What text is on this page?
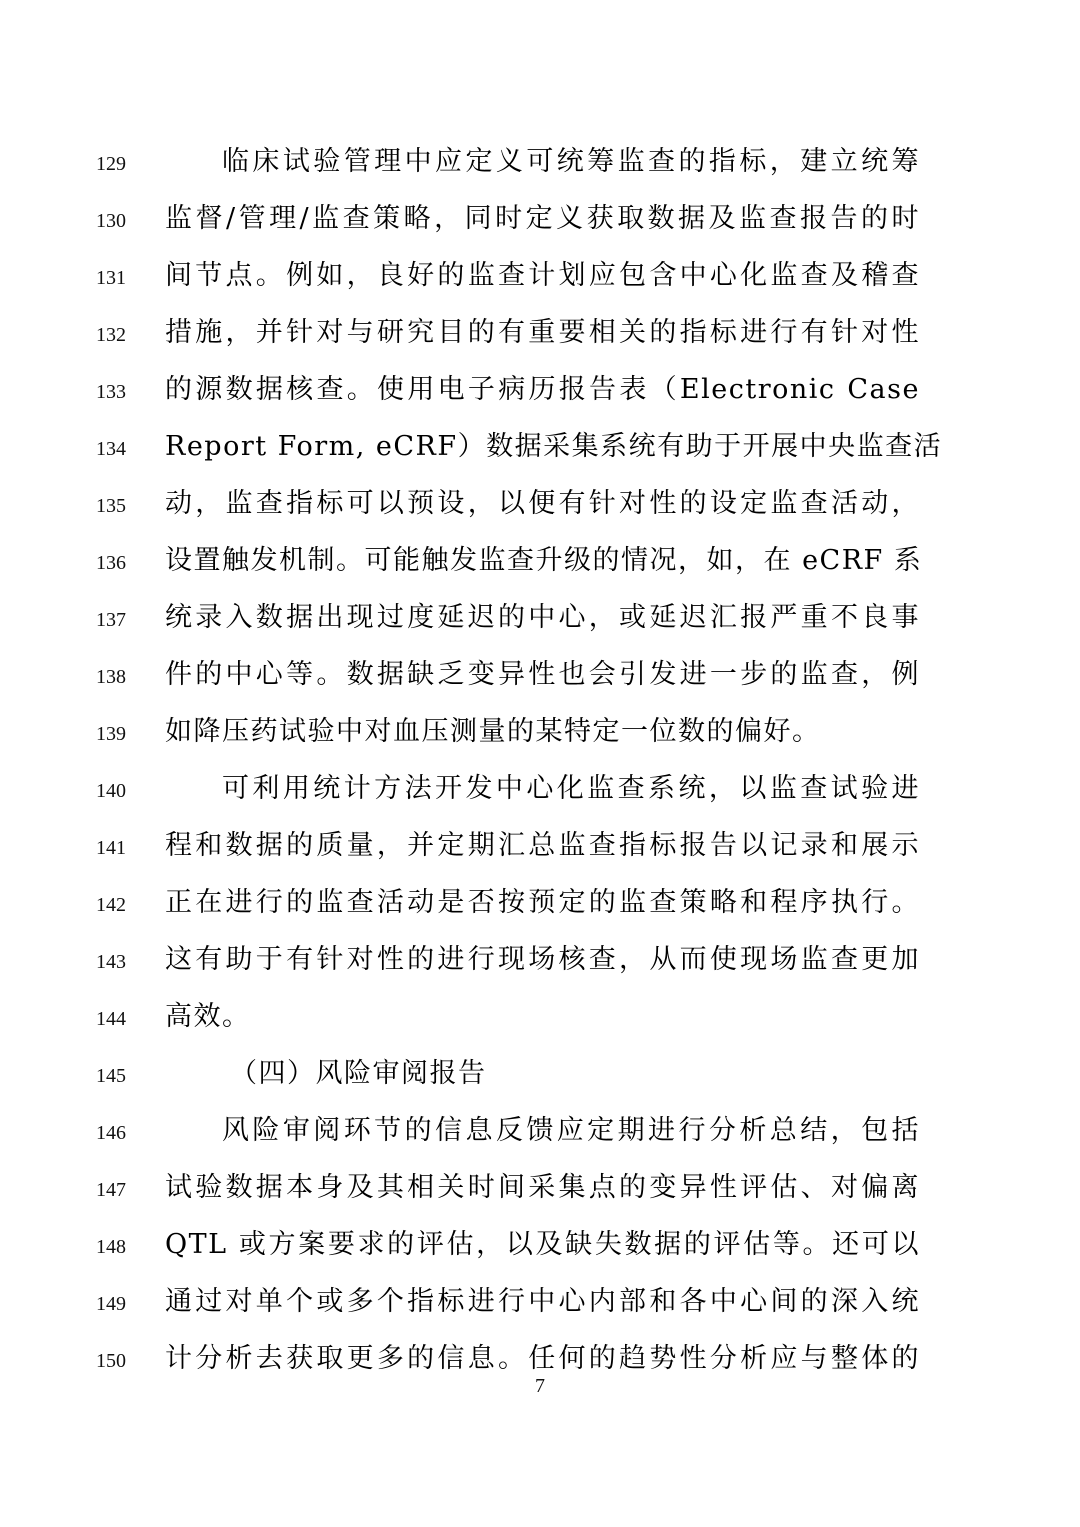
129	临床试验管理中应定义可统筹监查的指标，建立统筹
130	监督/管理/监查策略，同时定义获取数据及监查报告的时
131	间节点。例如，良好的监查计划应包含中心化监查及稽查
132	措施，并针对与研究目的有重要相关的指标进行有针对性
133	的源数据核查。使用电子病历报告表（Electronic Case
134	Report Form, eCRF）数据采集系统有助于开展中央监查活
135	动，监查指标可以预设，以便有针对性的设定监查活动，
136	设置触发机制。可能触发监查升级的情况，如，在 eCRF 系
137	统录入数据出现过度延迟的中心，或延迟汇报严重不良事
138	件的中心等。数据缺乏变异性也会引发进一步的监查，例
139	如降压药试验中对血压测量的某特定一位数的偏好。
140	可利用统计方法开发中心化监查系统，以监查试验进
141	程和数据的质量，并定期汇总监查指标报告以记录和展示
142	正在进行的监查活动是否按预定的监查策略和程序执行。
143	这有助于有针对性的进行现场核查，从而使现场监查更加
144	高效。
145	（四）风险审阅报告
146	风险审阅环节的信息反馈应定期进行分析总结，包括
147	试验数据本身及其相关时间采集点的变异性评估、对偏离
148	QTL 或方案要求的评估，以及缺失数据的评估等。还可以
149	通过对单个或多个指标进行中心内部和各中心间的深入统
150	计分析去获取更多的信息。任何的趋势性分析应与整体的
7
